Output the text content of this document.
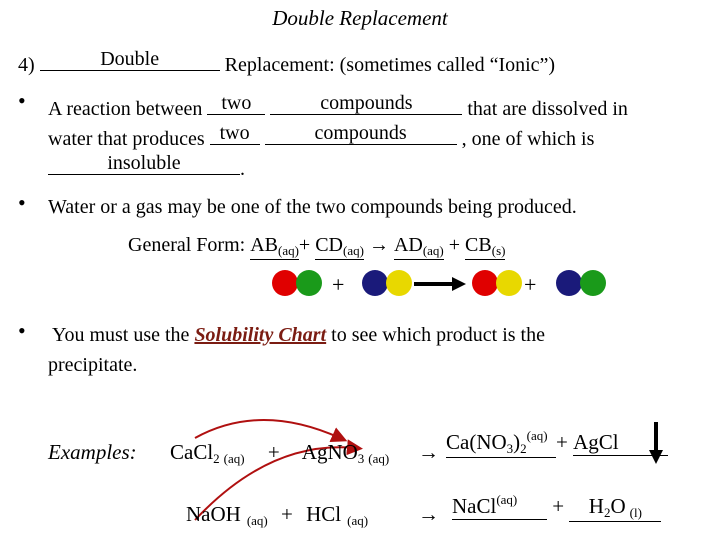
Double Replacement
4)	Double	Replacement: (sometimes called “Ionic”)
• A reaction between two
	compounds	that are dissolved in
water that produces two
	compounds	, one of which is
insoluble	.
• Water or a gas may be one of the two compounds being produced.
General Form: $AB_{(aq)}+ CD_{(aq)} \to AD_{(aq)} + CB_{(s)}$
+	+
• You must use the Solubility Chart to see which product is the
precipitate.
Examples: CaCl$_2$ $_{(aq)}$ + AgNO$_3$ $_{(aq)} \to Ca(NO_3)_2^{(aq)}$ + AgCl
NaOH $_{(aq)}$ + HCl $_{(aq)}$ → NaCl$^{(aq)}$ + $H_2O$ $_{(l)}$
